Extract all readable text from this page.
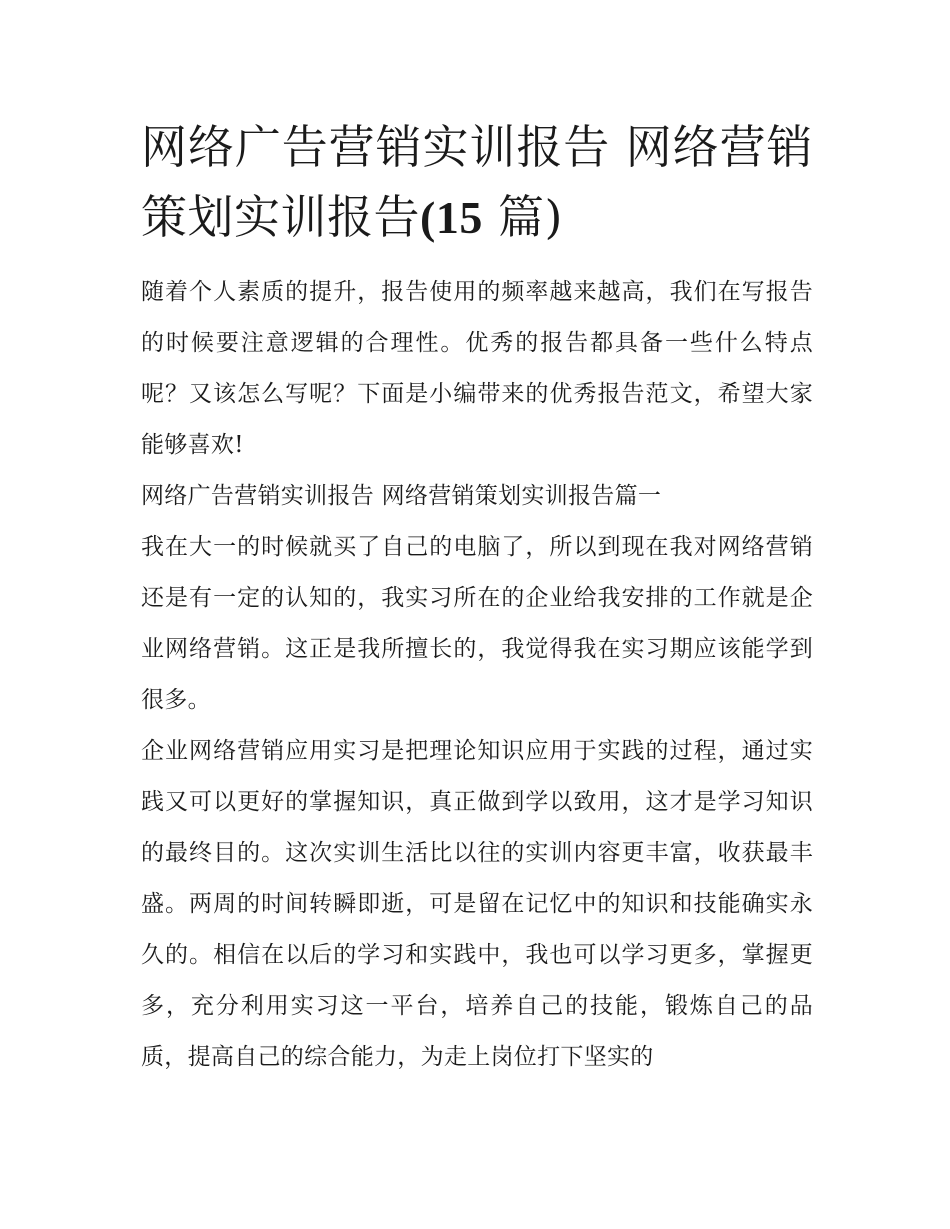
网络广告营销实训报告 网络营销策划实训报告(15 篇)

随着个人素质的提升，报告使用的频率越来越高，我们在写报告的时候要注意逻辑的合理性。优秀的报告都具备一些什么特点呢？又该怎么写呢？下面是小编带来的优秀报告范文，希望大家能够喜欢!

网络广告营销实训报告 网络营销策划实训报告篇一

我在大一的时候就买了自己的电脑了，所以到现在我对网络营销还是有一定的认知的，我实习所在的企业给我安排的工作就是企业网络营销。这正是我所擅长的，我觉得我在实习期应该能学到很多。

企业网络营销应用实习是把理论知识应用于实践的过程，通过实践又可以更好的掌握知识，真正做到学以致用，这才是学习知识的最终目的。这次实训生活比以往的实训内容更丰富，收获最丰盛。两周的时间转瞬即逝，可是留在记忆中的知识和技能确实永久的。相信在以后的学习和实践中，我也可以学习更多，掌握更多，充分利用实习这一平台，培养自己的技能，锻炼自己的品质，提高自己的综合能力，为走上岗位打下坚实的
